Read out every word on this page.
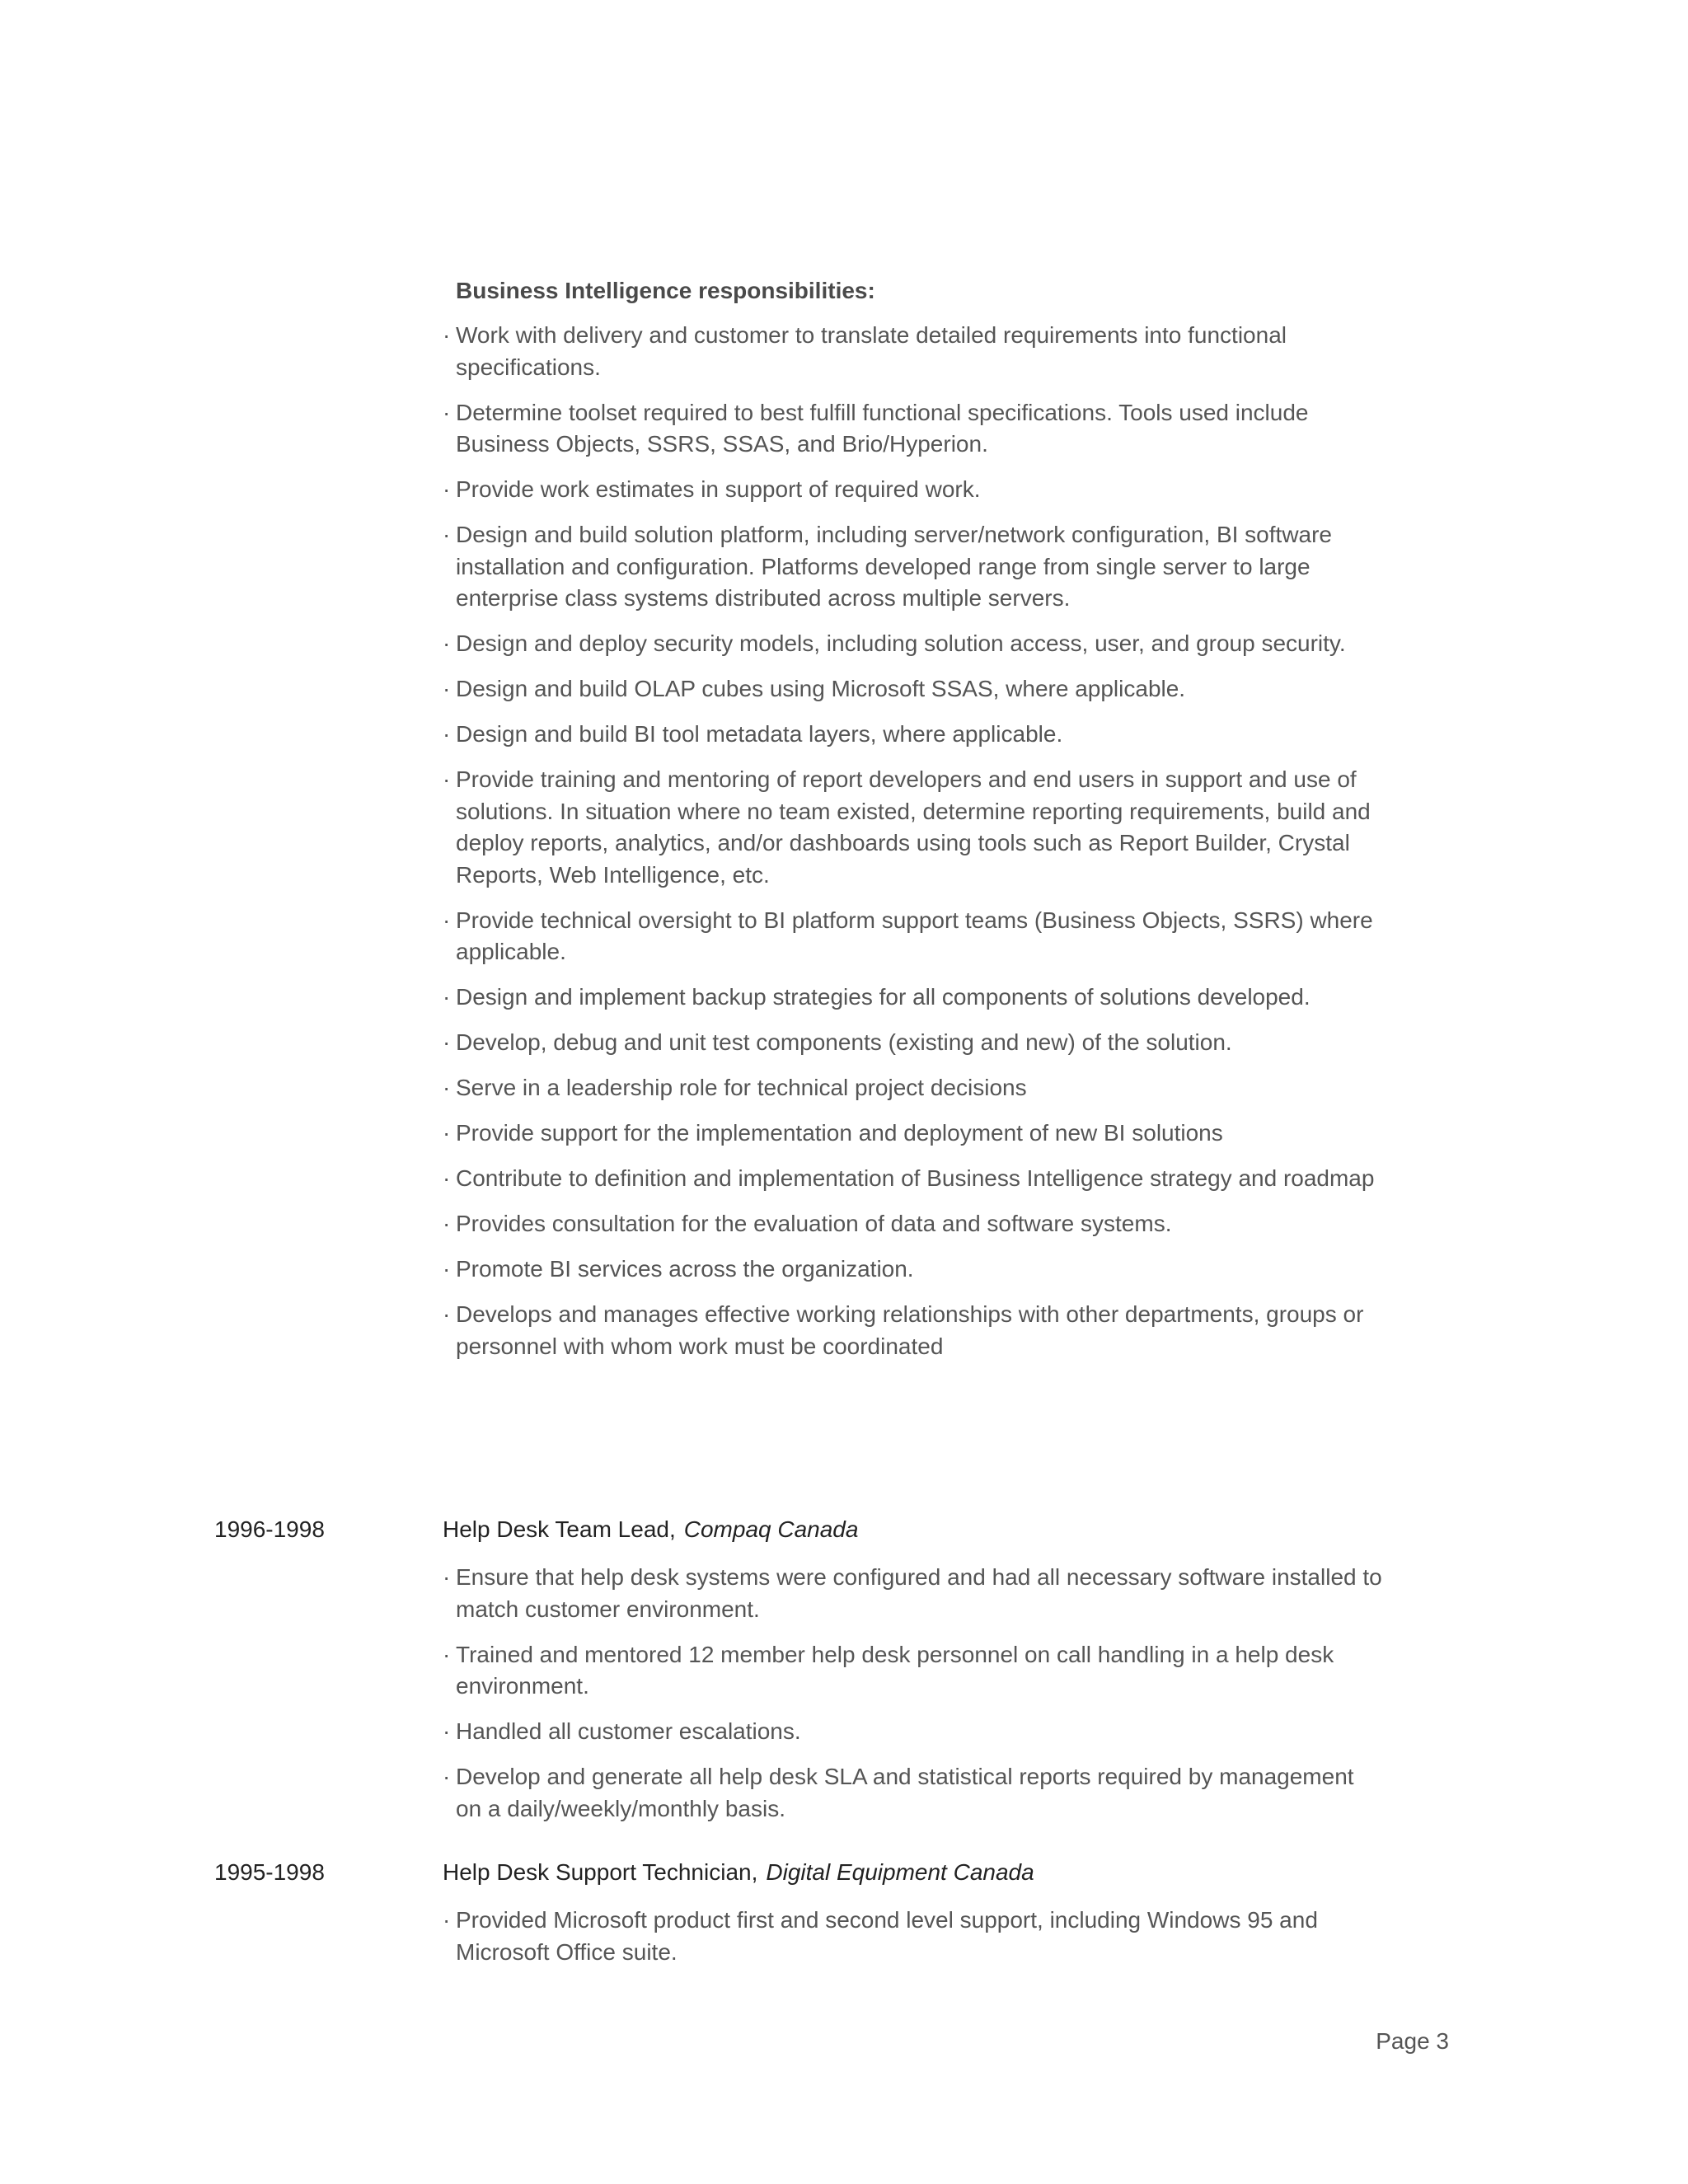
Business Intelligence responsibilities:
· Work with delivery and customer to translate detailed requirements into functional specifications.
· Determine toolset required to best fulfill functional specifications. Tools used include Business Objects, SSRS, SSAS, and Brio/Hyperion.
· Provide work estimates in support of required work.
· Design and build solution platform, including server/network configuration, BI software installation and configuration. Platforms developed range from single server to large enterprise class systems distributed across multiple servers.
· Design and deploy security models, including solution access, user, and group security.
· Design and build OLAP cubes using Microsoft SSAS, where applicable.
· Design and build BI tool metadata layers, where applicable.
· Provide training and mentoring of report developers and end users in support and use of solutions. In situation where no team existed, determine reporting requirements, build and deploy reports, analytics, and/or dashboards using tools such as Report Builder, Crystal Reports, Web Intelligence, etc.
· Provide technical oversight to BI platform support teams (Business Objects, SSRS) where applicable.
· Design and implement backup strategies for all components of solutions developed.
· Develop, debug and unit test components (existing and new) of the solution.
· Serve in a leadership role for technical project decisions
· Provide support for the implementation and deployment of new BI solutions
· Contribute to definition and implementation of Business Intelligence strategy and roadmap
· Provides consultation for the evaluation of data and software systems.
· Promote BI services across the organization.
· Develops and manages effective working relationships with other departments, groups or personnel with whom work must be coordinated
1996-1998	Help Desk Team Lead, Compaq Canada
· Ensure that help desk systems were configured and had all necessary software installed to match customer environment.
· Trained and mentored 12 member help desk personnel on call handling in a help desk environment.
· Handled all customer escalations.
· Develop and generate all help desk SLA and statistical reports required by management on a daily/weekly/monthly basis.
1995-1998	Help Desk Support Technician, Digital Equipment Canada
· Provided Microsoft product first and second level support, including Windows 95 and Microsoft Office suite.
Page 3
